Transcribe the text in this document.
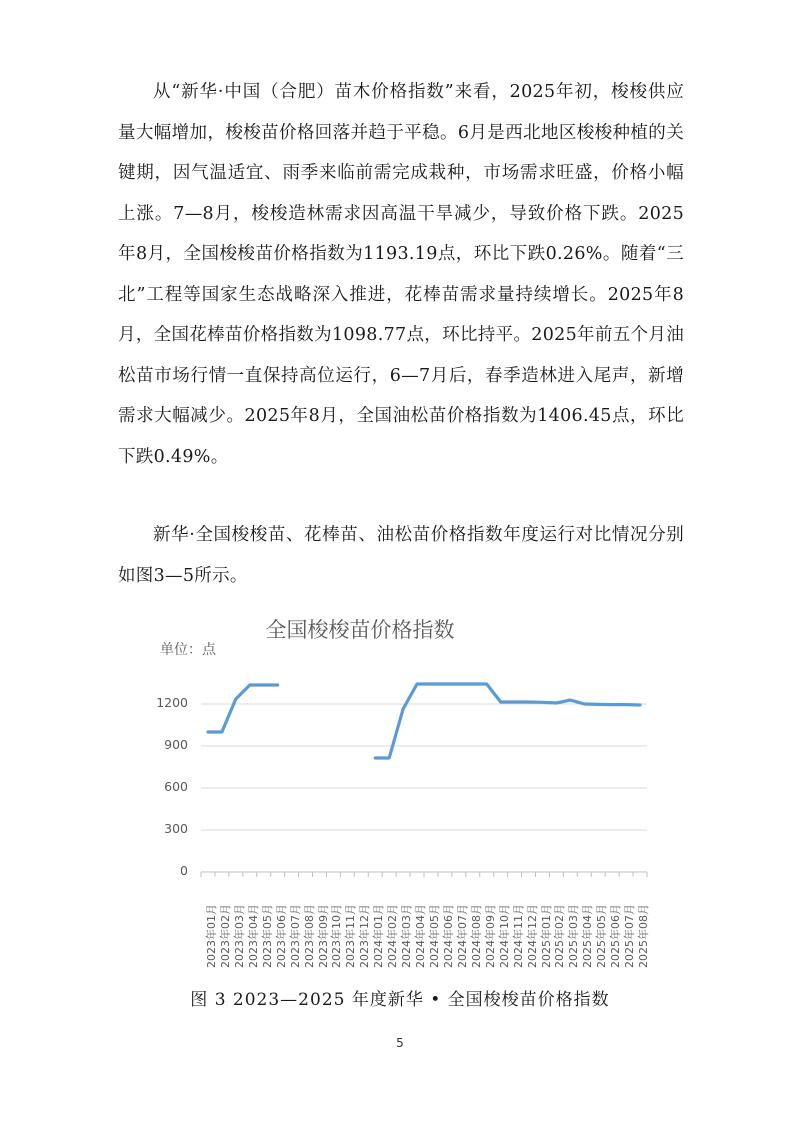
从“新华·中国（合肥）苗木价格指数”来看，2025年初，梭梭供应量大幅增加，梭梭苗价格回落并趋于平稳。6月是西北地区梭梭种植的关键期，因气温适宜、雨季来临前需完成栽种，市场需求旺盛，价格小幅上涨。7—8月，梭梭造林需求因高温干旱减少，导致价格下跌。2025年8月，全国梭梭苗价格指数为1193.19点，环比下跌0.26%。随着“三北”工程等国家生态战略深入推进，花棒苗需求量持续增长。2025年8月，全国花棒苗价格指数为1098.77点，环比持平。2025年前五个月油松苗市场行情一直保持高位运行，6—7月后，春季造林进入尾声，新增需求大幅减少。2025年8月，全国油松苗价格指数为1406.45点，环比下跌0.49%。
新华·全国梭梭苗、花棒苗、油松苗价格指数年度运行对比情况分别如图3—5所示。
全国梭梭苗价格指数
单位：点
0
300
600
900
1200
2023年01月 2023年02月 2023年03月 2023年04月 2023年05月 2023年06月 2023年07月 2023年08月 2023年09月 2023年10月 2023年11月 2023年12月 2024年01月 2024年02月 2024年03月 2024年04月 2024年05月 2024年06月 2024年07月 2024年08月 2024年09月 2024年10月 2024年11月 2024年12月 2025年01月 2025年02月 2025年03月 2025年04月 2025年05月 2025年06月 2025年07月 2025年08月
图 3 2023—2025 年度新华 • 全国梭梭苗价格指数
5
